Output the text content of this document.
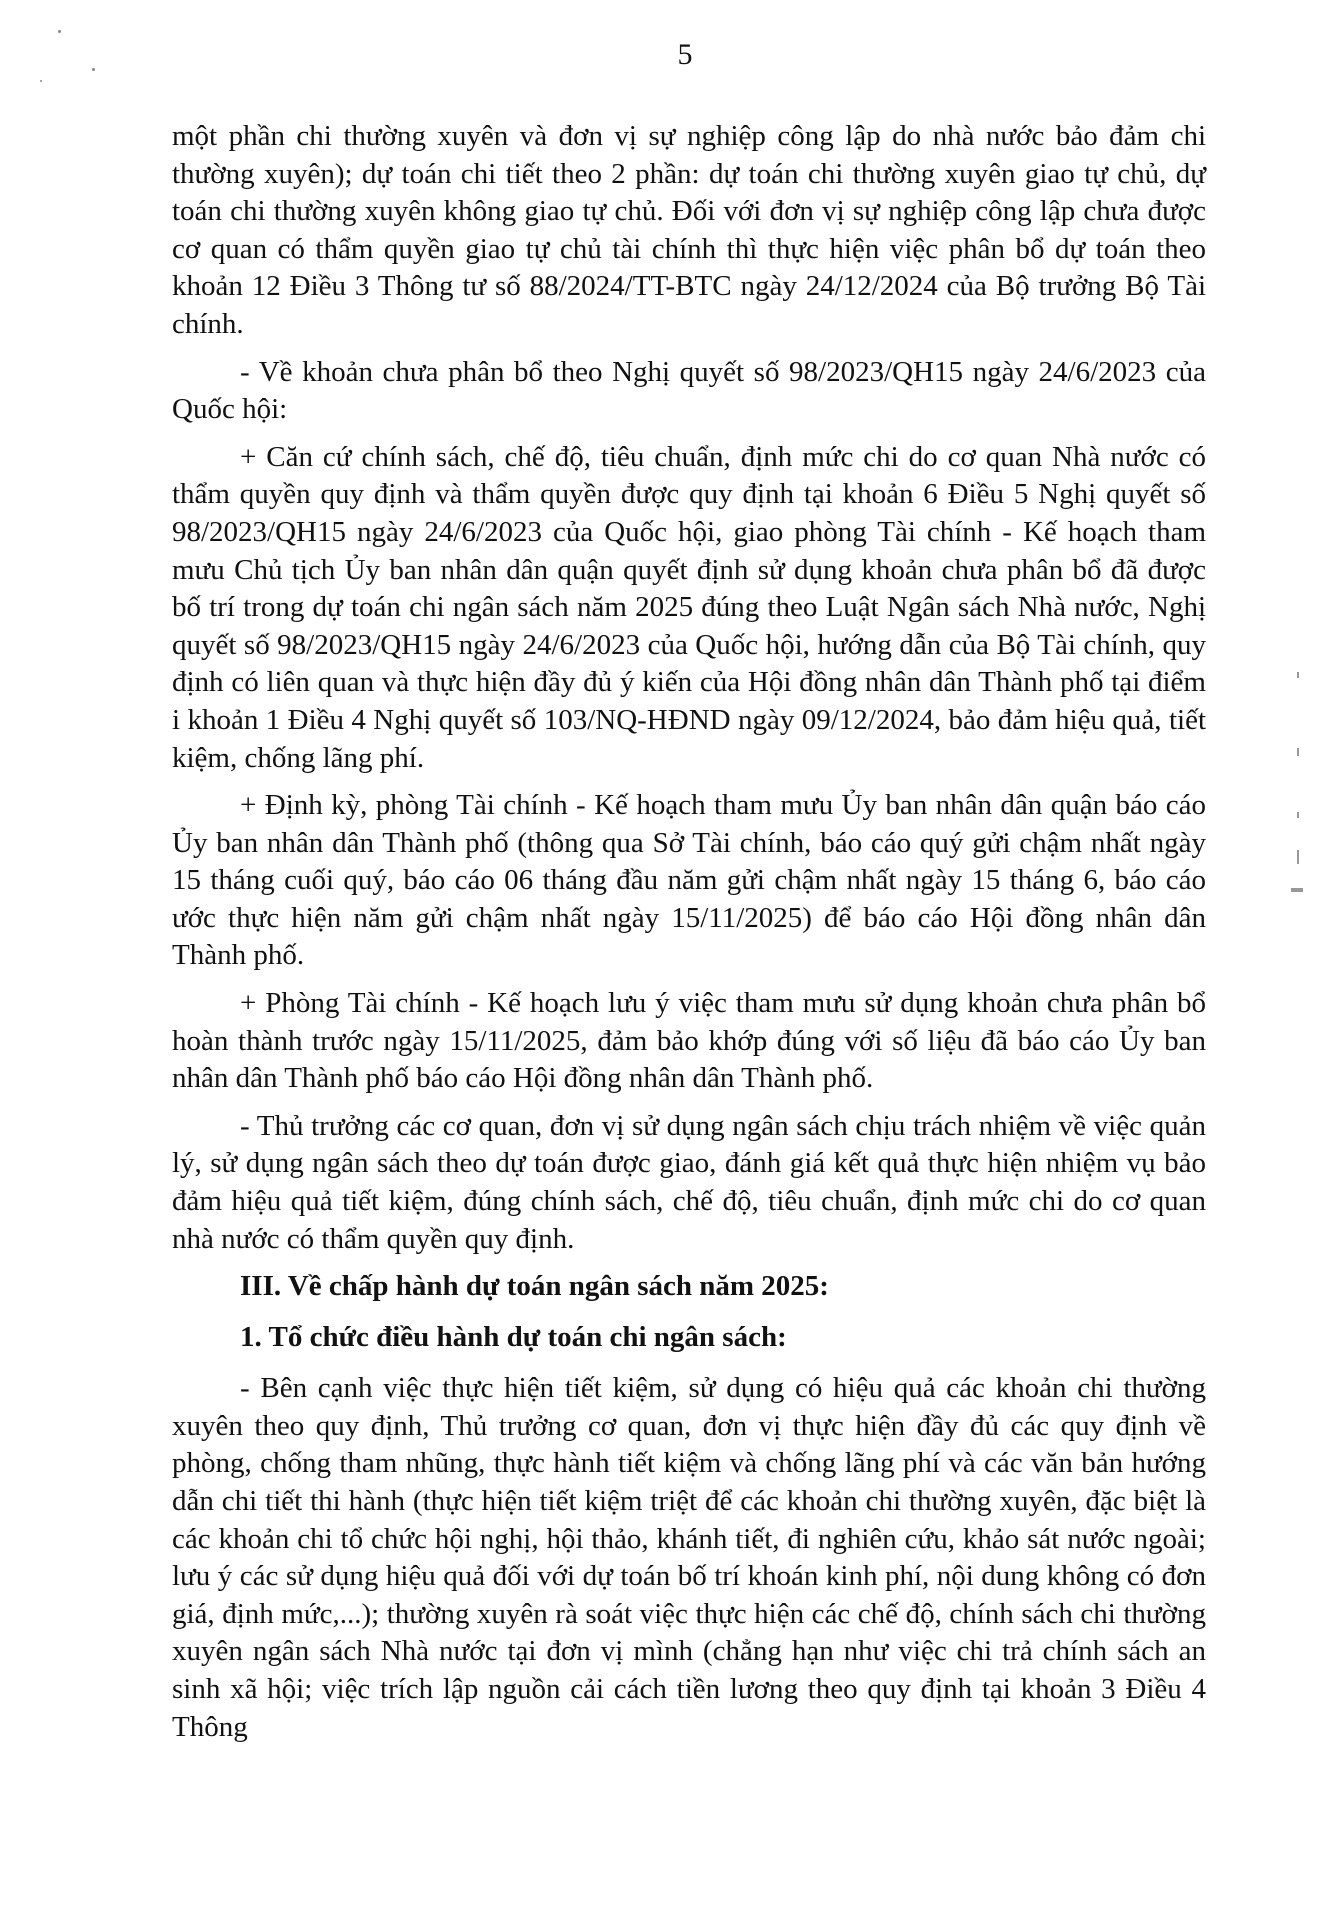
5

một phần chi thường xuyên và đơn vị sự nghiệp công lập do nhà nước bảo đảm chi thường xuyên); dự toán chi tiết theo 2 phần: dự toán chi thường xuyên giao tự chủ, dự toán chi thường xuyên không giao tự chủ. Đối với đơn vị sự nghiệp công lập chưa được cơ quan có thẩm quyền giao tự chủ tài chính thì thực hiện việc phân bổ dự toán theo khoản 12 Điều 3 Thông tư số 88/2024/TT-BTC ngày 24/12/2024 của Bộ trưởng Bộ Tài chính.

- Về khoản chưa phân bổ theo Nghị quyết số 98/2023/QH15 ngày 24/6/2023 của Quốc hội:

+ Căn cứ chính sách, chế độ, tiêu chuẩn, định mức chi do cơ quan Nhà nước có thẩm quyền quy định và thẩm quyền được quy định tại khoản 6 Điều 5 Nghị quyết số 98/2023/QH15 ngày 24/6/2023 của Quốc hội, giao phòng Tài chính - Kế hoạch tham mưu Chủ tịch Ủy ban nhân dân quận quyết định sử dụng khoản chưa phân bổ đã được bố trí trong dự toán chi ngân sách năm 2025 đúng theo Luật Ngân sách Nhà nước, Nghị quyết số 98/2023/QH15 ngày 24/6/2023 của Quốc hội, hướng dẫn của Bộ Tài chính, quy định có liên quan và thực hiện đầy đủ ý kiến của Hội đồng nhân dân Thành phố tại điểm i khoản 1 Điều 4 Nghị quyết số 103/NQ-HĐND ngày 09/12/2024, bảo đảm hiệu quả, tiết kiệm, chống lãng phí.

+ Định kỳ, phòng Tài chính - Kế hoạch tham mưu Ủy ban nhân dân quận báo cáo Ủy ban nhân dân Thành phố (thông qua Sở Tài chính, báo cáo quý gửi chậm nhất ngày 15 tháng cuối quý, báo cáo 06 tháng đầu năm gửi chậm nhất ngày 15 tháng 6, báo cáo ước thực hiện năm gửi chậm nhất ngày 15/11/2025) để báo cáo Hội đồng nhân dân Thành phố.

+ Phòng Tài chính - Kế hoạch lưu ý việc tham mưu sử dụng khoản chưa phân bổ hoàn thành trước ngày 15/11/2025, đảm bảo khớp đúng với số liệu đã báo cáo Ủy ban nhân dân Thành phố báo cáo Hội đồng nhân dân Thành phố.

- Thủ trưởng các cơ quan, đơn vị sử dụng ngân sách chịu trách nhiệm về việc quản lý, sử dụng ngân sách theo dự toán được giao, đánh giá kết quả thực hiện nhiệm vụ bảo đảm hiệu quả tiết kiệm, đúng chính sách, chế độ, tiêu chuẩn, định mức chi do cơ quan nhà nước có thẩm quyền quy định.

III. Về chấp hành dự toán ngân sách năm 2025:

1. Tổ chức điều hành dự toán chi ngân sách:

- Bên cạnh việc thực hiện tiết kiệm, sử dụng có hiệu quả các khoản chi thường xuyên theo quy định, Thủ trưởng cơ quan, đơn vị thực hiện đầy đủ các quy định về phòng, chống tham nhũng, thực hành tiết kiệm và chống lãng phí và các văn bản hướng dẫn chi tiết thi hành (thực hiện tiết kiệm triệt để các khoản chi thường xuyên, đặc biệt là các khoản chi tổ chức hội nghị, hội thảo, khánh tiết, đi nghiên cứu, khảo sát nước ngoài; lưu ý các sử dụng hiệu quả đối với dự toán bố trí khoán kinh phí, nội dung không có đơn giá, định mức,...); thường xuyên rà soát việc thực hiện các chế độ, chính sách chi thường xuyên ngân sách Nhà nước tại đơn vị mình (chẳng hạn như việc chi trả chính sách an sinh xã hội; việc trích lập nguồn cải cách tiền lương theo quy định tại khoản 3 Điều 4 Thông
